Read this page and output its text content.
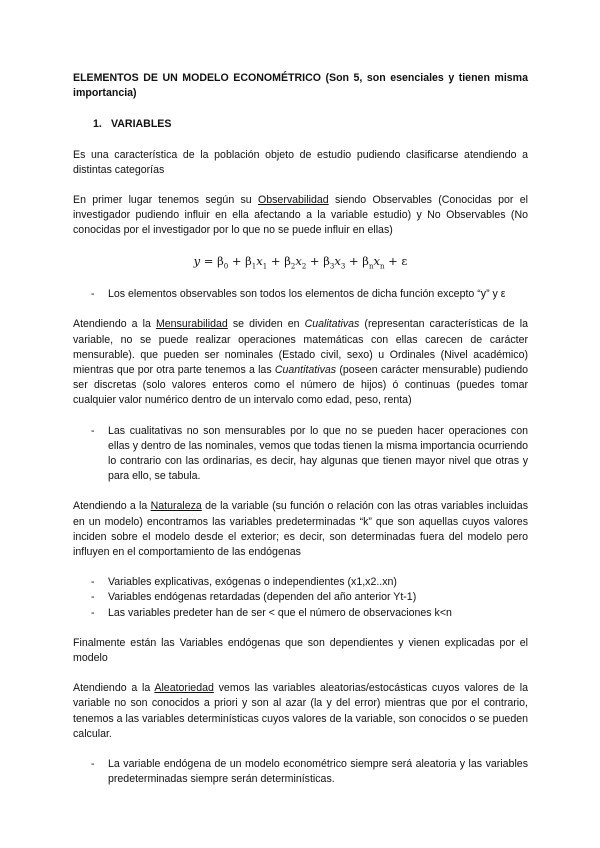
ELEMENTOS DE UN MODELO ECONOMÉTRICO (Son 5, son esenciales y tienen misma importancia)

1. VARIABLES

Es una característica de la población objeto de estudio pudiendo clasificarse atendiendo a distintas categorías

En primer lugar tenemos según su Observabilidad siendo Observables (Conocidas por el investigador pudiendo influir en ella afectando a la variable estudio) y No Observables (No conocidas por el investigador por lo que no se puede influir en ellas)

$y = \beta_0 + \beta_1x_1 + \beta_2x_2 + \beta_3x_3 + \beta_nx_n + \varepsilon$

- Los elementos observables son todos los elementos de dicha función excepto “y” y ε

Atendiendo a la Mensurabilidad se dividen en Cualitativas (representan características de la variable, no se puede realizar operaciones matemáticas con ellas carecen de carácter mensurable). que pueden ser nominales (Estado civil, sexo) u Ordinales (Nivel académico) mientras que por otra parte tenemos a las Cuantitativas (poseen carácter mensurable) pudiendo ser discretas (solo valores enteros como el número de hijos) ó continuas (puedes tomar cualquier valor numérico dentro de un intervalo como edad, peso, renta)

- Las cualitativas no son mensurables por lo que no se pueden hacer operaciones con ellas y dentro de las nominales, vemos que todas tienen la misma importancia ocurriendo lo contrario con las ordinarias, es decir, hay algunas que tienen mayor nivel que otras y para ello, se tabula.

Atendiendo a la Naturaleza de la variable (su función o relación con las otras variables incluidas en un modelo) encontramos las variables predeterminadas “k” que son aquellas cuyos valores inciden sobre el modelo desde el exterior; es decir, son determinadas fuera del modelo pero influyen en el comportamiento de las endógenas

- Variables explicativas, exógenas o independientes (x1,x2..xn)
- Variables endógenas retardadas (dependen del año anterior Yt-1)
- Las variables predeter han de ser < que el número de observaciones k<n

Finalmente están las Variables endógenas que son dependientes y vienen explicadas por el modelo

Atendiendo a la Aleatoriedad vemos las variables aleatorias/estocásticas cuyos valores de la variable no son conocidos a priori y son al azar (la y del error) mientras que por el contrario, tenemos a las variables determinísticas cuyos valores de la variable, son conocidos o se pueden calcular.

- La variable endógena de un modelo econométrico siempre será aleatoria y las variables predeterminadas siempre serán determinísticas.
